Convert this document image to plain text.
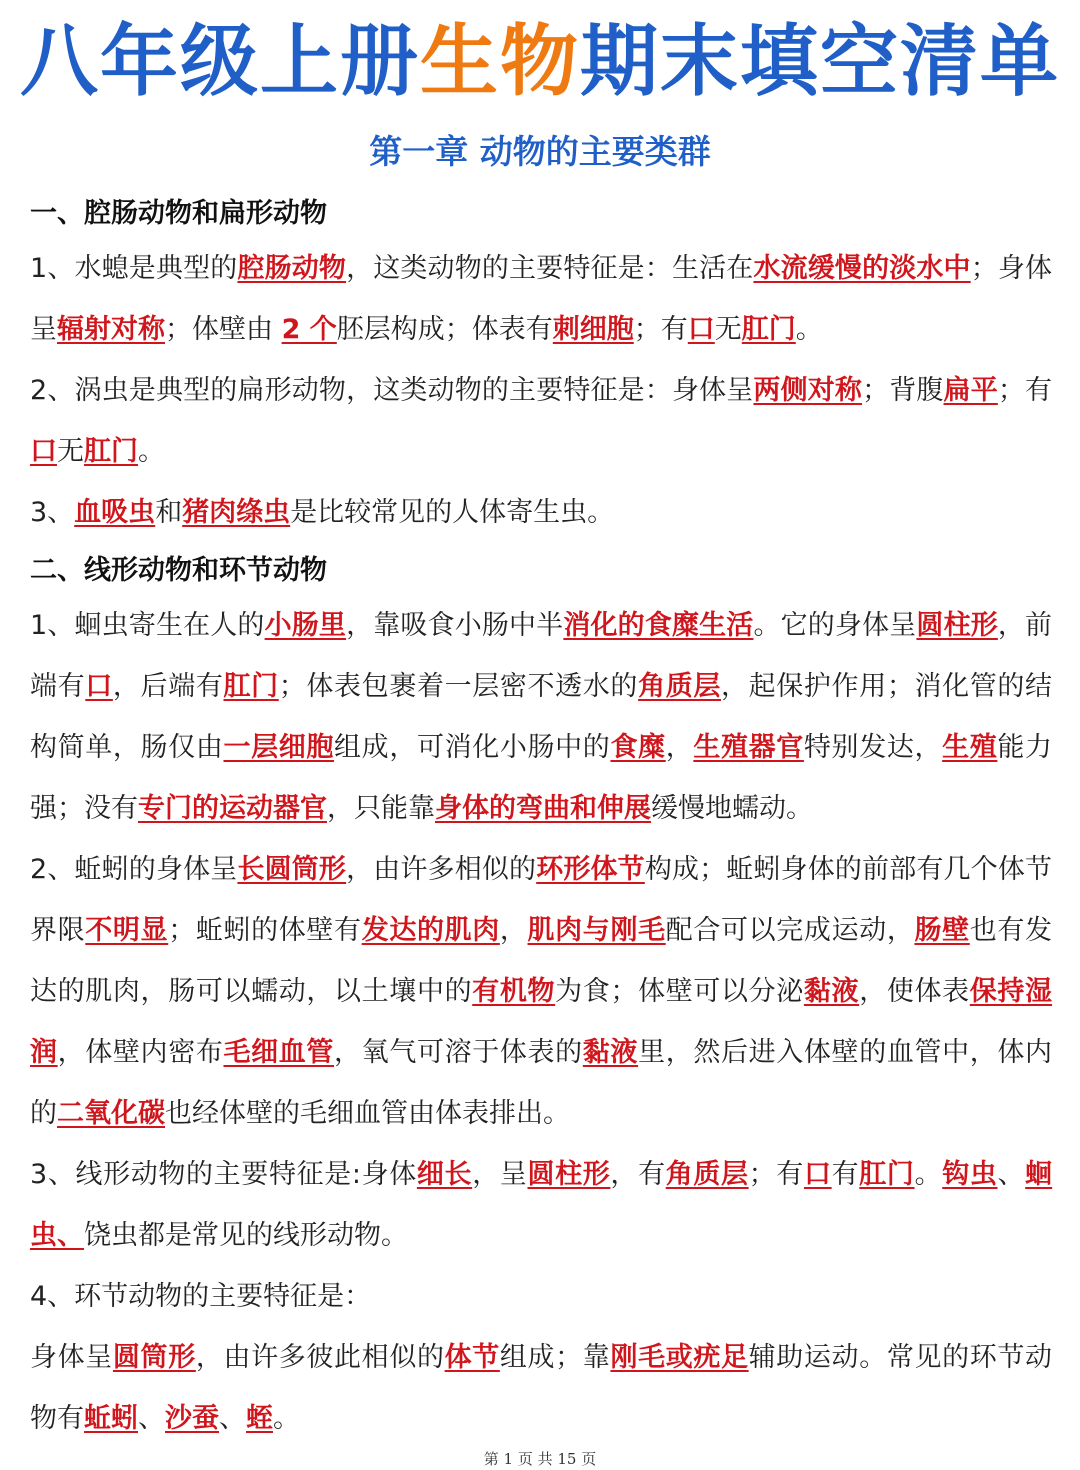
八年级上册生物期末填空清单
第一章 动物的主要类群
一、腔肠动物和扁形动物

1、水螅是典型的腔肠动物，这类动物的主要特征是：生活在水流缓慢的淡水中；身体呈辐射对称；体壁由 2 个胚层构成；体表有刺细胞；有口无肛门。

2、涡虫是典型的扁形动物，这类动物的主要特征是：身体呈两侧对称；背腹扁平；有口无肛门。

3、血吸虫和猪肉绦虫是比较常见的人体寄生虫。

二、线形动物和环节动物

1、蛔虫寄生在人的小肠里，靠吸食小肠中半消化的食糜生活。它的身体呈圆柱形，前端有口，后端有肛门；体表包裹着一层密不透水的角质层，起保护作用；消化管的结构简单，肠仅由一层细胞组成，可消化小肠中的食糜，生殖器官特别发达，生殖能力强；没有专门的运动器官，只能靠身体的弯曲和伸展缓慢地蠕动。

2、蚯蚓的身体呈长圆筒形，由许多相似的环形体节构成；蚯蚓身体的前部有几个体节界限不明显；蚯蚓的体壁有发达的肌肉，肌肉与刚毛配合可以完成运动，肠壁也有发达的肌肉，肠可以蠕动，以土壤中的有机物为食；体壁可以分泌黏液，使体表保持湿润，体壁内密布毛细血管，氧气可溶于体表的黏液里，然后进入体壁的血管中，体内的二氧化碳也经体壁的毛细血管由体表排出。

3、线形动物的主要特征是:身体细长，呈圆柱形，有角质层；有口有肛门。钩虫、蛔虫、饶虫都是常见的线形动物。

4、环节动物的主要特征是：

身体呈圆筒形，由许多彼此相似的体节组成；靠刚毛或疣足辅助运动。常见的环节动物有蚯蚓、沙蚕、蛭。

第 1 页 共 15 页
